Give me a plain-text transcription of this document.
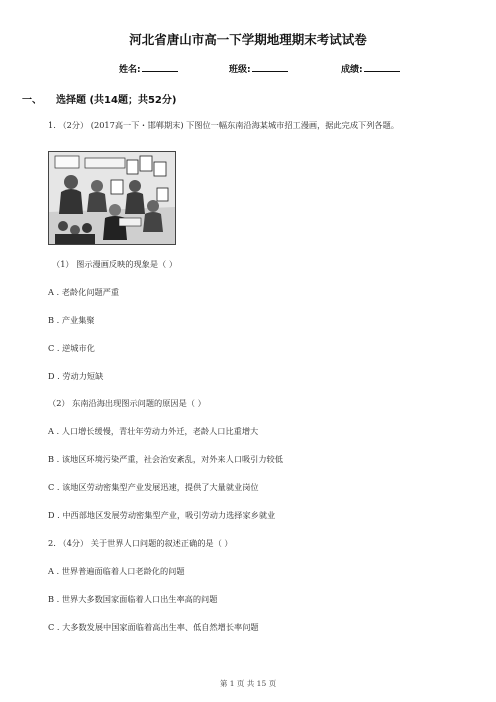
河北省唐山市高一下学期地理期末考试试卷
姓名:	班级:	成绩:
一、 选择题 (共14题；共52分)
1. （2分） (2017高一下・邯郸期末) 下图位一幅东南沿海某城市招工漫画，据此完成下列各题。
（1） 图示漫画反映的现象是（ ）
A . 老龄化问题严重
B . 产业集聚
C . 逆城市化
D . 劳动力短缺
（2） 东南沿海出现图示问题的原因是（ ）
A . 人口增长缓慢，青壮年劳动力外迁，老龄人口比重增大
B . 该地区环境污染严重，社会治安紊乱，对外来人口吸引力较低
C . 该地区劳动密集型产业发展迅速，提供了大量就业岗位
D . 中西部地区发展劳动密集型产业，吸引劳动力选择家乡就业
2. （4分） 关于世界人口问题的叙述正确的是（ ）
A . 世界普遍面临着人口老龄化的问题
B . 世界大多数国家面临着人口出生率高的问题
C . 大多数发展中国家面临着高出生率、低自然增长率问题
第 1 页 共 15 页
